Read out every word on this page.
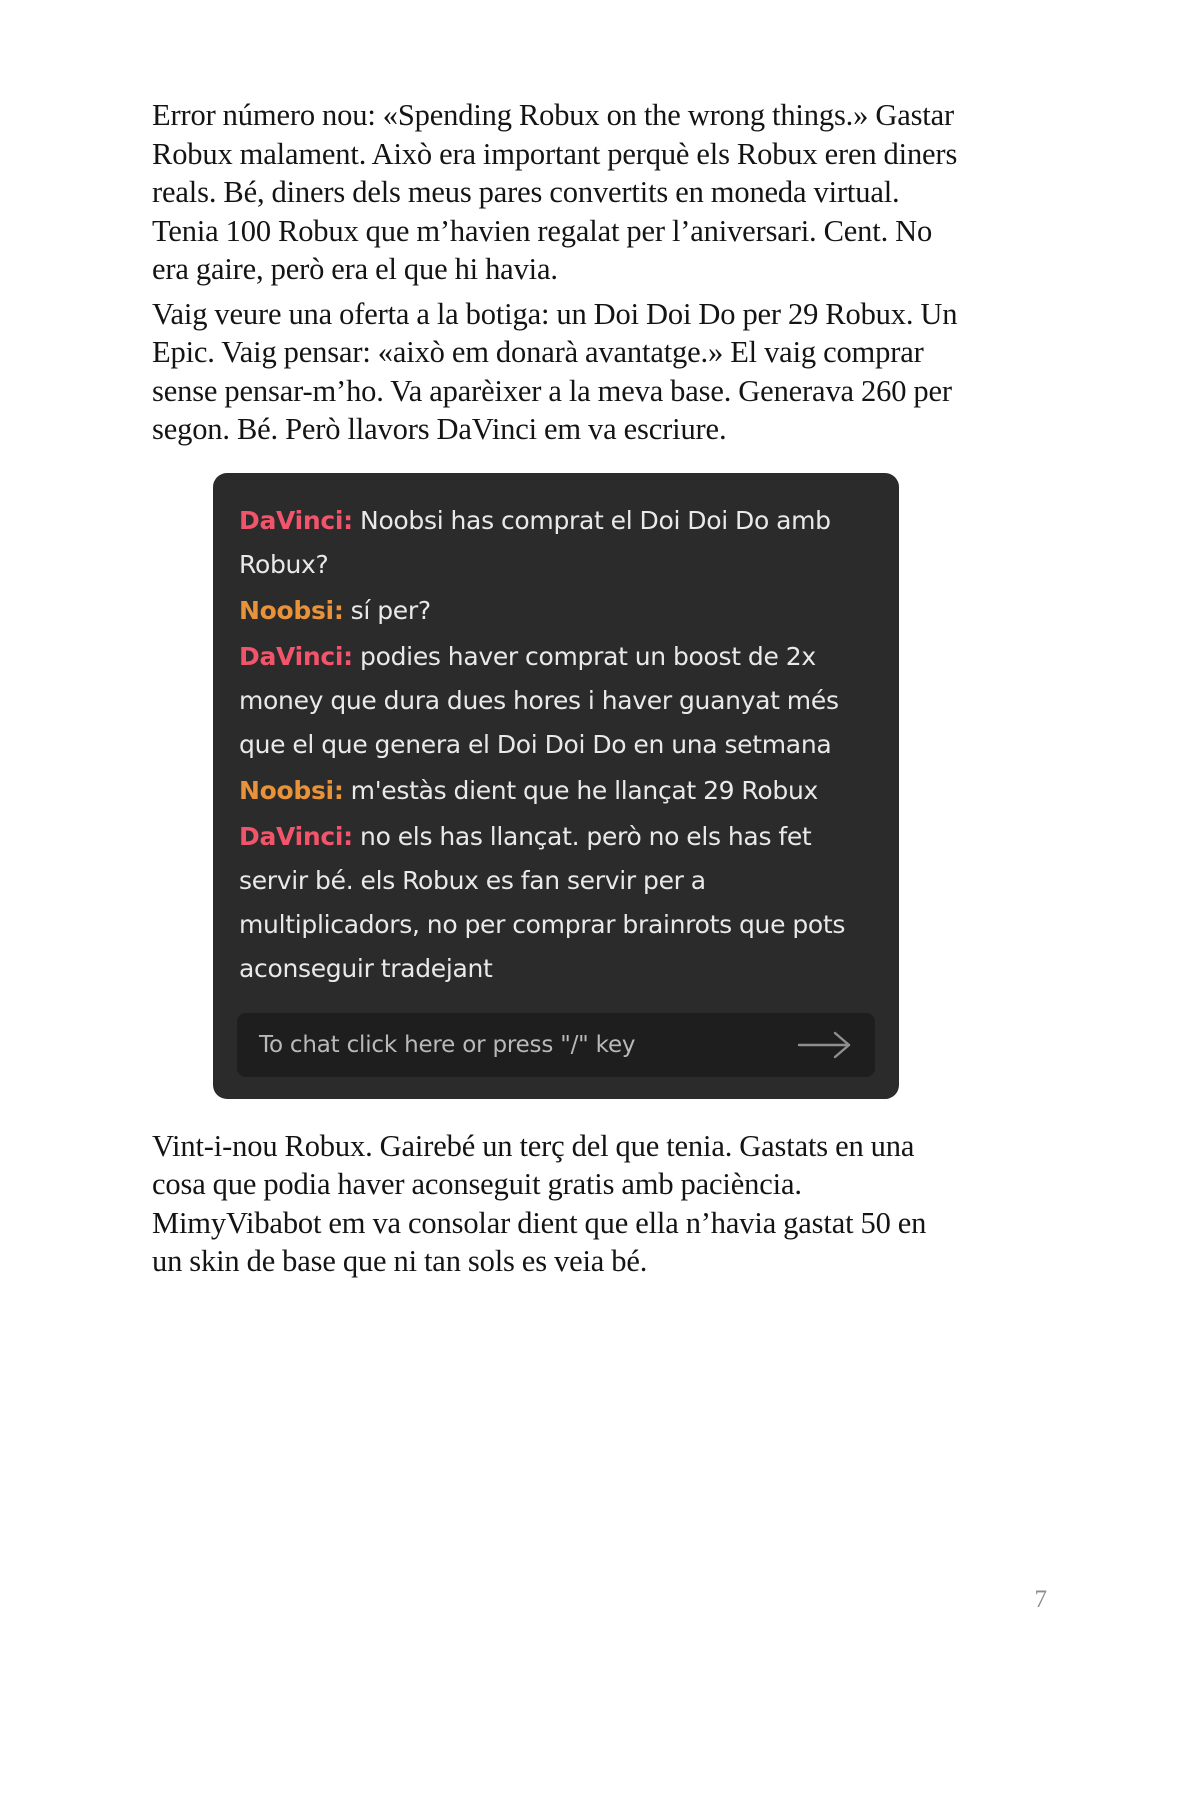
Error número nou: «Spending Robux on the wrong things.» Gastar Robux malament. Això era important perquè els Robux eren diners reals. Bé, diners dels meus pares convertits en moneda virtual. Tenia 100 Robux que m’havien regalat per l’aniversari. Cent. No era gaire, però era el que hi havia.

Vaig veure una oferta a la botiga: un Doi Doi Do per 29 Robux. Un Epic. Vaig pensar: «això em donarà avantatge.» El vaig comprar sense pensar-m’ho. Va aparèixer a la meva base. Generava 260 per segon. Bé. Però llavors DaVinci em va escriure.

DaVinci: Noobsi has comprat el Doi Doi Do amb Robux?

Noobsi: sí per?

DaVinci: podies haver comprat un boost de 2x money que dura dues hores i haver guanyat més que el que genera el Doi Doi Do en una setmana

Noobsi: m'estàs dient que he llançat 29 Robux

DaVinci: no els has llançat. però no els has fet servir bé. els Robux es fan servir per a multiplicadors, no per comprar brainrots que pots aconseguir tradejant

To chat click here or press "/" key

Vint-i-nou Robux. Gairebé un terç del que tenia. Gastats en una cosa que podia haver aconseguit gratis amb paciència. MimyVibabot em va consolar dient que ella n’havia gastat 50 en un skin de base que ni tan sols es veia bé.

7
